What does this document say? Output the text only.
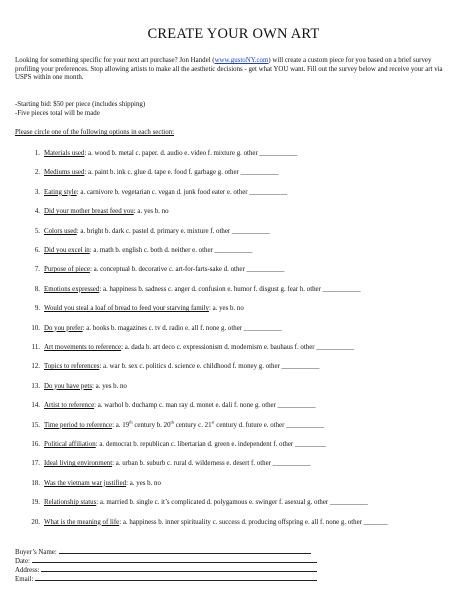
CREATE YOUR OWN ART
Looking for something specific for your next art purchase? Jon Handel (www.gustoNY.com) will create a custom piece for you based on a brief survey profiling your preferences. Stop allowing artists to make all the aesthetic decisions - get what YOU want. Fill out the survey below and receive your art via USPS within one month.
-Starting bid: $50 per piece (includes shipping)
-Five pieces total will be made
Please circle one of the following options in each section:
1. Materials used: a. wood b. metal c. paper. d. audio e. video f. mixture g. other ___________
2. Mediums used: a. paint b. ink c. glue d. tape e. food f. garbage g. other ___________
3. Eating style: a. carnivore b. vegetarian c. vegan d. junk food eater e. other ___________
4. Did your mother breast feed you: a. yes b. no
5. Colors used: a. bright b. dark c. pastel d. primary e. mixture f. other ___________
6. Did you excel in: a. math b. english c. both d. neither e. other ___________
7. Purpose of piece: a. conceptual b. decorative c. art-for-farts-sake d. other ___________
8. Emotions expressed: a. happiness b. sadness c. anger d. confusion e. humor f. disgust g. fear h. other ___________
9. Would you steal a loaf of bread to feed your starving family: a. yes b. no
10. Do you prefer: a. books b. magazines c. tv d. radio e. all f. none g. other ___________
11. Art movements to reference: a. dada b. art deco c. expressionism d. modernism e. bauhaus f. other ___________
12. Topics to references: a. war b. sex c. politics d. science e. childhood f. money g. other ___________
13. Do you have pets: a. yes b. no
14. Artist to reference: a. warhol b. duchamp c. man ray d. monet e. dali f. none g. other ___________
15. Time period to reference: a. 19th century b. 20th century c. 21st century d. future e. other ___________
16. Political affiliation: a. democrat b. republican c. libertarian d. green e. independent f. other _________
17. Ideal living environment: a. urban b. suburb c. rural d. wilderness e. desert f. other ___________
18. Was the vietnam war justified: a. yes b. no
19. Relationship status: a. married b. single c. it’s complicated d. polygamous e. swinger f. asexual g. other ___________
20. What is the meaning of life: a. happiness b. inner spirituality c. success d. producing offspring e. all f. none g. other _______
Buyer’s Name:
Date:
Address:
Email:
